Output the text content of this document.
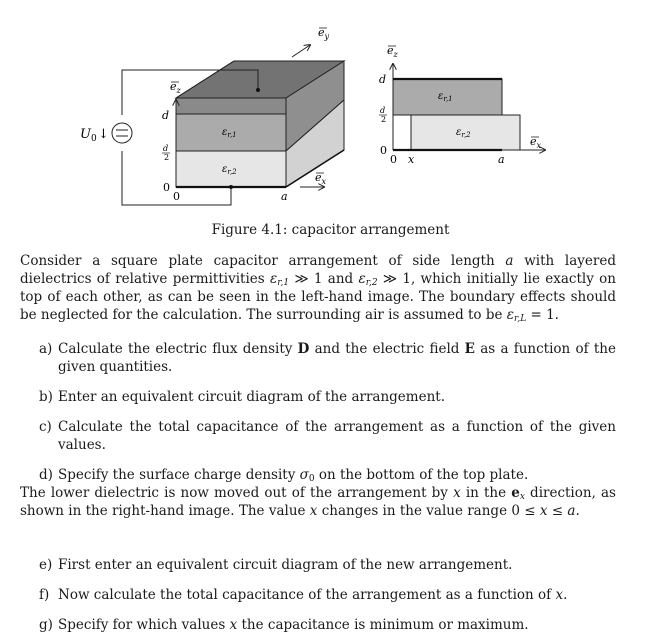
$U_0$ ↓
$e_z$
$e_y$
$e_x$
d
d
2
0
0	a
$\varepsilon_{r,1}$
$\varepsilon_{r,2}$
$e_z$
$e_x$
d
d
2
0
0 x	a
$\varepsilon_{r,1}$
$\varepsilon_{r,2}$
Figure 4.1: capacitor arrangement

Consider a square plate capacitor arrangement of side length a with layered dielectrics of relative permittivities $\varepsilon_{r,1}$ ≫ 1 and $\varepsilon_{r,2}$ ≫ 1, which initially lie exactly on top of each other, as can be seen in the left-hand image. The boundary effects should be neglected for the calculation. The surrounding air is assumed to be $\varepsilon_{r,L} = 1$.

a) Calculate the electric flux density D and the electric field E as a function of the given quantities.
b) Enter an equivalent circuit diagram of the arrangement.
c) Calculate the total capacitance of the arrangement as a function of the given values.
d) Specify the surface charge density $\sigma_0$ on the bottom of the top plate.

The lower dielectric is now moved out of the arrangement by x in the $e_x$ direction, as shown in the right-hand image. The value x changes in the value range 0 ≤ x ≤ a.

e) First enter an equivalent circuit diagram of the new arrangement.
f) Now calculate the total capacitance of the arrangement as a function of x.
g) Specify for which values x the capacitance is minimum or maximum.
